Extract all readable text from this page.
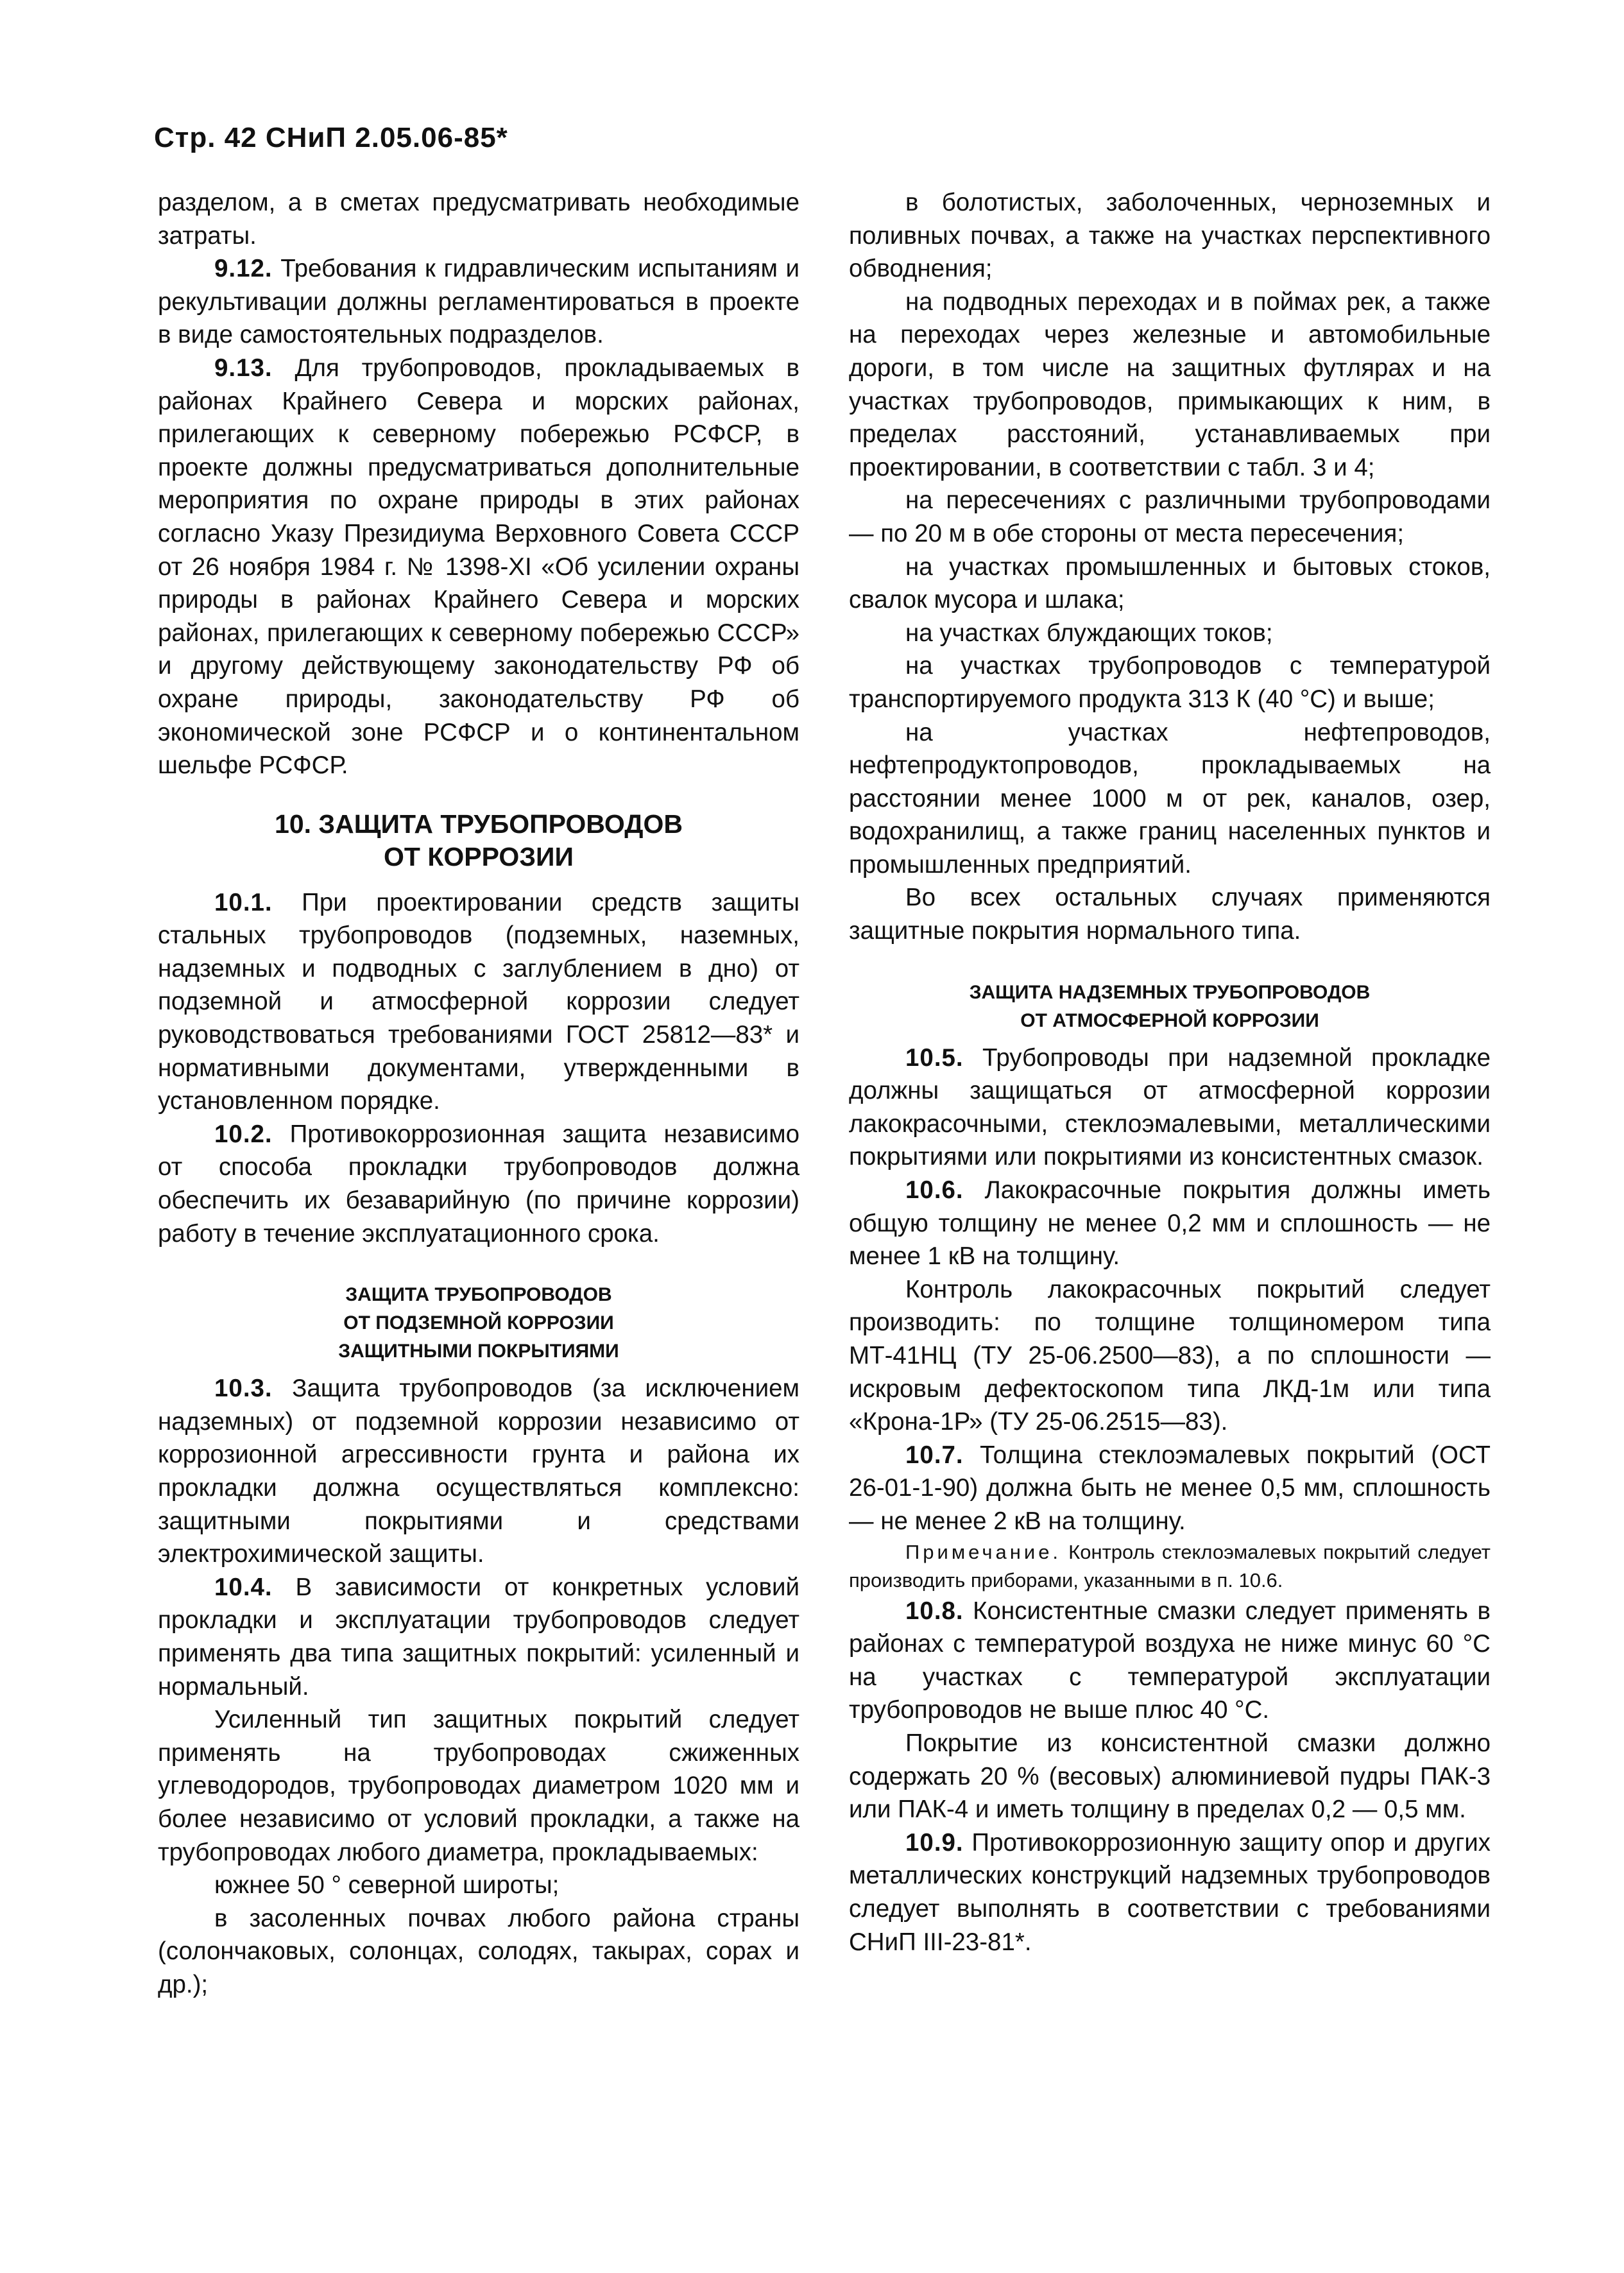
Стр. 42 СНиП 2.05.06-85*

разделом, а в сметах предусматривать необходимые затраты.

9.12. Требования к гидравлическим испытаниям и рекультивации должны регламентироваться в проекте в виде самостоятельных подразделов.

9.13. Для трубопроводов, прокладываемых в районах Крайнего Севера и морских районах, прилегающих к северному побережью РСФСР, в проекте должны предусматриваться дополнительные мероприятия по охране природы в этих районах согласно Указу Президиума Верховного Совета СССР от 26 ноября 1984 г. № 1398-XI «Об усилении охраны природы в районах Крайнего Севера и морских районах, прилегающих к северному побережью СССР» и другому действующему законодательству РФ об охране природы, законодательству РФ об экономической зоне РСФСР и о континентальном шельфе РСФСР.

10. ЗАЩИТА ТРУБОПРОВОДОВ
ОТ КОРРОЗИИ

10.1. При проектировании средств защиты стальных трубопроводов (подземных, наземных, надземных и подводных с заглублением в дно) от подземной и атмосферной коррозии следует руководствоваться требованиями ГОСТ 25812—83* и нормативными документами, утвержденными в установленном порядке.

10.2. Противокоррозионная защита независимо от способа прокладки трубопроводов должна обеспечить их безаварийную (по причине коррозии) работу в течение эксплуатационного срока.

ЗАЩИТА ТРУБОПРОВОДОВ
ОТ ПОДЗЕМНОЙ КОРРОЗИИ
ЗАЩИТНЫМИ ПОКРЫТИЯМИ

10.3. Защита трубопроводов (за исключением надземных) от подземной коррозии независимо от коррозионной агрессивности грунта и района их прокладки должна осуществляться комплексно: защитными покрытиями и средствами электрохимической защиты.

10.4. В зависимости от конкретных условий прокладки и эксплуатации трубопроводов следует применять два типа защитных покрытий: усиленный и нормальный.

Усиленный тип защитных покрытий следует применять на трубопроводах сжиженных углеводородов, трубопроводах диаметром 1020 мм и более независимо от условий прокладки, а также на трубопроводах любого диаметра, прокладываемых:

южнее 50 ° северной широты;

в засоленных почвах любого района страны (солончаковых, солонцах, солодях, такырах, сорах и др.);

в болотистых, заболоченных, черноземных и поливных почвах, а также на участках перспективного обводнения;

на подводных переходах и в поймах рек, а также на переходах через железные и автомобильные дороги, в том числе на защитных футлярах и на участках трубопроводов, примыкающих к ним, в пределах расстояний, устанавливаемых при проектировании, в соответствии с табл. 3 и 4;

на пересечениях с различными трубопроводами — по 20 м в обе стороны от места пересечения;

на участках промышленных и бытовых стоков, свалок мусора и шлака;

на участках блуждающих токов;

на участках трубопроводов с температурой транспортируемого продукта 313 К (40 °С) и выше;

на участках нефтепроводов, нефтепродуктопроводов, прокладываемых на расстоянии менее 1000 м от рек, каналов, озер, водохранилищ, а также границ населенных пунктов и промышленных предприятий.

Во всех остальных случаях применяются защитные покрытия нормального типа.

ЗАЩИТА НАДЗЕМНЫХ ТРУБОПРОВОДОВ
ОТ АТМОСФЕРНОЙ КОРРОЗИИ

10.5. Трубопроводы при надземной прокладке должны защищаться от атмосферной коррозии лакокрасочными, стеклоэмалевыми, металлическими покрытиями или покрытиями из консистентных смазок.

10.6. Лакокрасочные покрытия должны иметь общую толщину не менее 0,2 мм и сплошность — не менее 1 кВ на толщину.

Контроль лакокрасочных покрытий следует производить: по толщине толщиномером типа МТ-41НЦ (ТУ 25-06.2500—83), а по сплошности — искровым дефектоскопом типа ЛКД-1м или типа «Крона-1Р» (ТУ 25-06.2515—83).

10.7. Толщина стеклоэмалевых покрытий (ОСТ 26-01-1-90) должна быть не менее 0,5 мм, сплошность — не менее 2 кВ на толщину.

Примечание. Контроль стеклоэмалевых покрытий следует производить приборами, указанными в п. 10.6.

10.8. Консистентные смазки следует применять в районах с температурой воздуха не ниже минус 60 °С на участках с температурой эксплуатации трубопроводов не выше плюс 40 °С.

Покрытие из консистентной смазки должно содержать 20 % (весовых) алюминиевой пудры ПАК-3 или ПАК-4 и иметь толщину в пределах 0,2 — 0,5 мм.

10.9. Противокоррозионную защиту опор и других металлических конструкций надземных трубопроводов следует выполнять в соответствии с требованиями СНиП III-23-81*.
